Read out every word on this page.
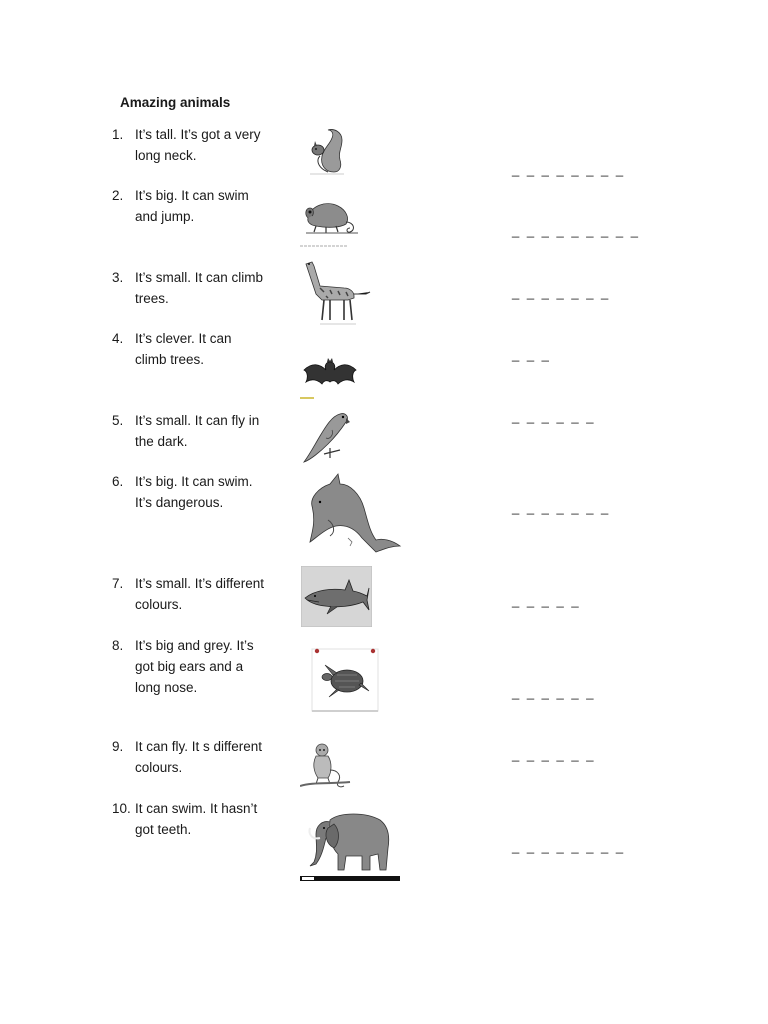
Amazing animals
1. It’s tall. It’s got a very long neck.
_ _ _ _ _ _ _ _
2. It’s big. It can swim and jump.
_ _ _ _ _ _ _ _ _
3. It’s small. It can climb trees.	_ _ _ _ _ _ _
4. It’s clever. It can climb trees.	_ _ _
5. It’s small. It can fly in the dark.
_ _ _ _ _ _
6. It’s big. It can swim. It’s dangerous.	_ _ _ _ _ _ _
7. It’s small. It’s different colours.	_ _ _ _ _
8. It’s big and grey. It’s got big ears and a long nose.	_ _ _ _ _ _
9. It can fly. It s different colours.
_ _ _ _ _ _
10. It can swim. It hasn’t got teeth.
_ _ _ _ _ _ _ _
